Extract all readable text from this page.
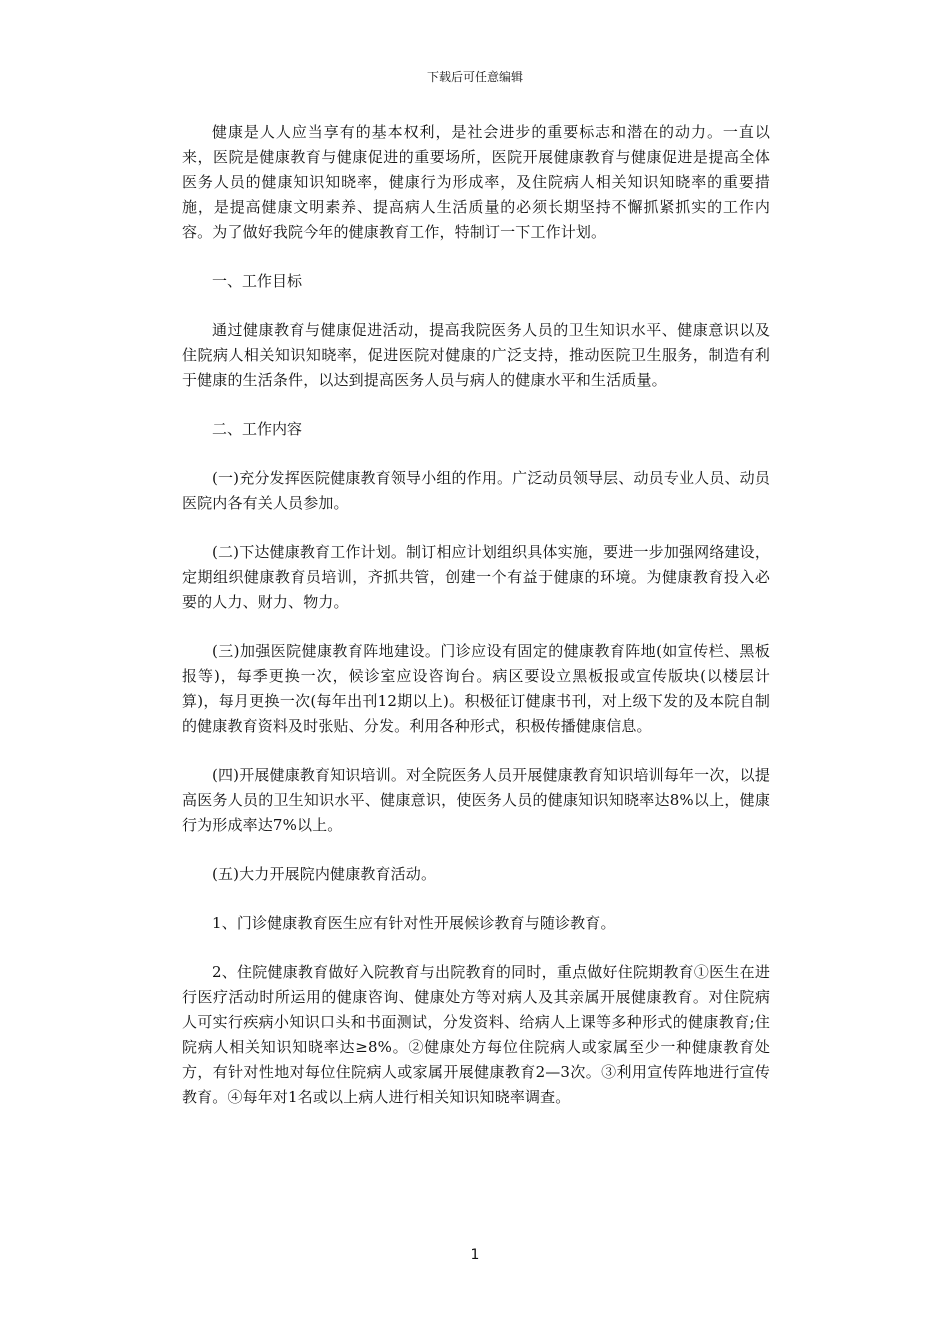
下载后可任意编辑

健康是人人应当享有的基本权利，是社会进步的重要标志和潜在的动力。一直以来，医院是健康教育与健康促进的重要场所，医院开展健康教育与健康促进是提高全体医务人员的健康知识知晓率，健康行为形成率，及住院病人相关知识知晓率的重要措施，是提高健康文明素养、提高病人生活质量的必须长期坚持不懈抓紧抓实的工作内容。为了做好我院今年的健康教育工作，特制订一下工作计划。

一、工作目标

通过健康教育与健康促进活动，提高我院医务人员的卫生知识水平、健康意识以及住院病人相关知识知晓率，促进医院对健康的广泛支持，推动医院卫生服务，制造有利于健康的生活条件，以达到提高医务人员与病人的健康水平和生活质量。

二、工作内容

(一)充分发挥医院健康教育领导小组的作用。广泛动员领导层、动员专业人员、动员医院内各有关人员参加。

(二)下达健康教育工作计划。制订相应计划组织具体实施，要进一步加强网络建设，定期组织健康教育员培训，齐抓共管，创建一个有益于健康的环境。为健康教育投入必要的人力、财力、物力。

(三)加强医院健康教育阵地建设。门诊应设有固定的健康教育阵地(如宣传栏、黑板报等)，每季更换一次，候诊室应设咨询台。病区要设立黑板报或宣传版块(以楼层计算)，每月更换一次(每年出刊12期以上)。积极征订健康书刊，对上级下发的及本院自制的健康教育资料及时张贴、分发。利用各种形式，积极传播健康信息。

(四)开展健康教育知识培训。对全院医务人员开展健康教育知识培训每年一次，以提高医务人员的卫生知识水平、健康意识，使医务人员的健康知识知晓率达8%以上，健康行为形成率达7%以上。

(五)大力开展院内健康教育活动。

1、门诊健康教育医生应有针对性开展候诊教育与随诊教育。

2、住院健康教育做好入院教育与出院教育的同时，重点做好住院期教育①医生在进行医疗活动时所运用的健康咨询、健康处方等对病人及其亲属开展健康教育。对住院病人可实行疾病小知识口头和书面测试，分发资料、给病人上课等多种形式的健康教育;住院病人相关知识知晓率达≥8%。②健康处方每位住院病人或家属至少一种健康教育处方，有针对性地对每位住院病人或家属开展健康教育2—3次。③利用宣传阵地进行宣传教育。④每年对1名或以上病人进行相关知识知晓率调查。

1
